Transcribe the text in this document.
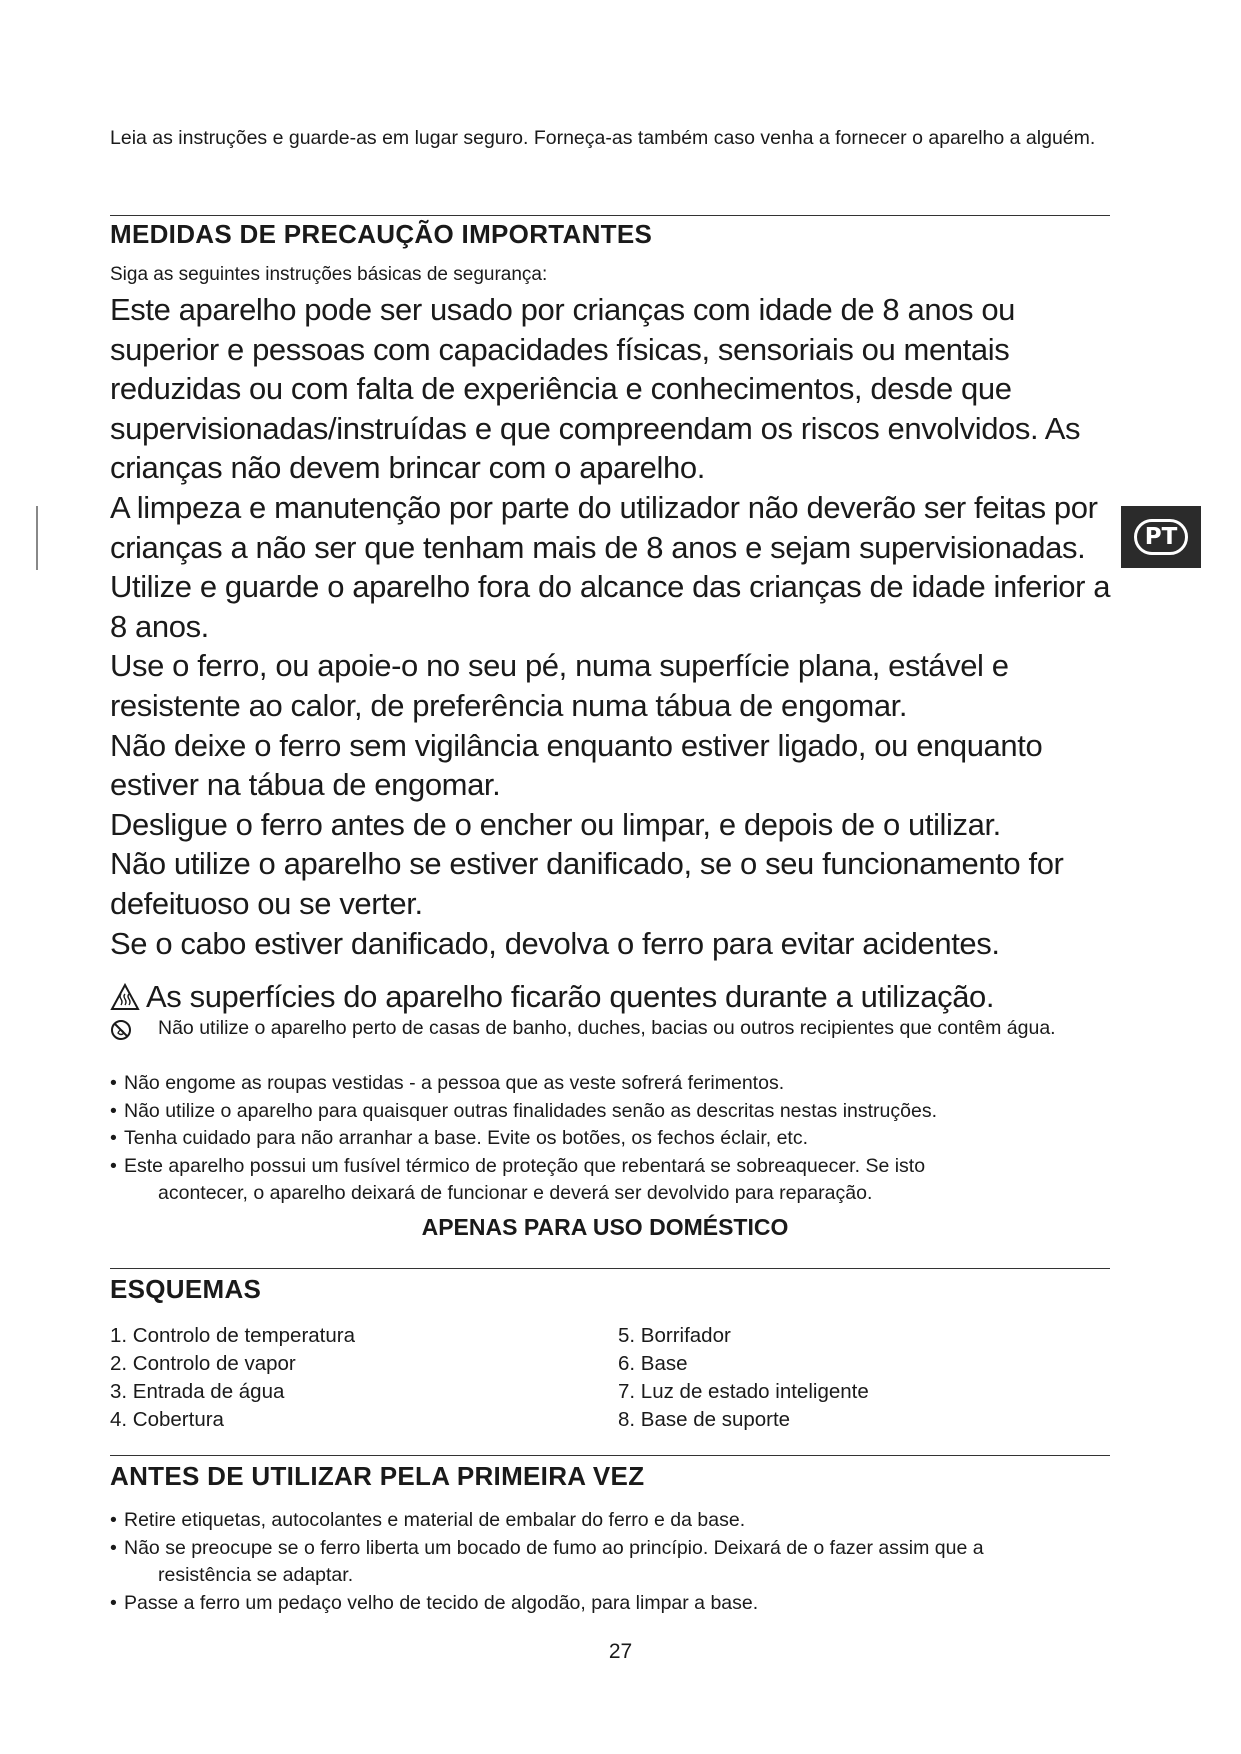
Leia as instruções e guarde-as em lugar seguro. Forneça-as também caso venha a fornecer o aparelho a alguém.

MEDIDAS DE PRECAUÇÃO IMPORTANTES
Siga as seguintes instruções básicas de segurança:
Este aparelho pode ser usado por crianças com idade de 8 anos ou superior e pessoas com capacidades físicas, sensoriais ou mentais reduzidas ou com falta de experiência e conhecimentos, desde que supervisionadas/instruídas e que compreendam os riscos envolvidos. As crianças não devem brincar com o aparelho.
A limpeza e manutenção por parte do utilizador não deverão ser feitas por crianças a não ser que tenham mais de 8 anos e sejam supervisionadas.
Utilize e guarde o aparelho fora do alcance das crianças de idade inferior a 8 anos.
Use o ferro, ou apoie-o no seu pé, numa superfície plana, estável e resistente ao calor, de preferência numa tábua de engomar.
Não deixe o ferro sem vigilância enquanto estiver ligado, ou enquanto estiver na tábua de engomar.
Desligue o ferro antes de o encher ou limpar, e depois de o utilizar.
Não utilize o aparelho se estiver danificado, se o seu funcionamento for defeituoso ou se verter.
Se o cabo estiver danificado, devolva o ferro para evitar acidentes.
As superfícies do aparelho ficarão quentes durante a utilização.
Não utilize o aparelho perto de casas de banho, duches, bacias ou outros recipientes que contêm água.
• Não engome as roupas vestidas - a pessoa que as veste sofrerá ferimentos.
• Não utilize o aparelho para quaisquer outras finalidades senão as descritas nestas instruções.
• Tenha cuidado para não arranhar a base. Evite os botões, os fechos éclair, etc.
• Este aparelho possui um fusível térmico de proteção que rebentará se sobreaquecer. Se isto
acontecer, o aparelho deixará de funcionar e deverá ser devolvido para reparação.
APENAS PARA USO DOMÉSTICO
ESQUEMAS
1. Controlo de temperatura
2. Controlo de vapor
3. Entrada de água
4. Cobertura
5. Borrifador
6. Base
7. Luz de estado inteligente
8. Base de suporte
ANTES DE UTILIZAR PELA PRIMEIRA VEZ
• Retire etiquetas, autocolantes e material de embalar do ferro e da base.
• Não se preocupe se o ferro liberta um bocado de fumo ao princípio. Deixará de o fazer assim que a
resistência se adaptar.
• Passe a ferro um pedaço velho de tecido de algodão, para limpar a base.
PT
27
